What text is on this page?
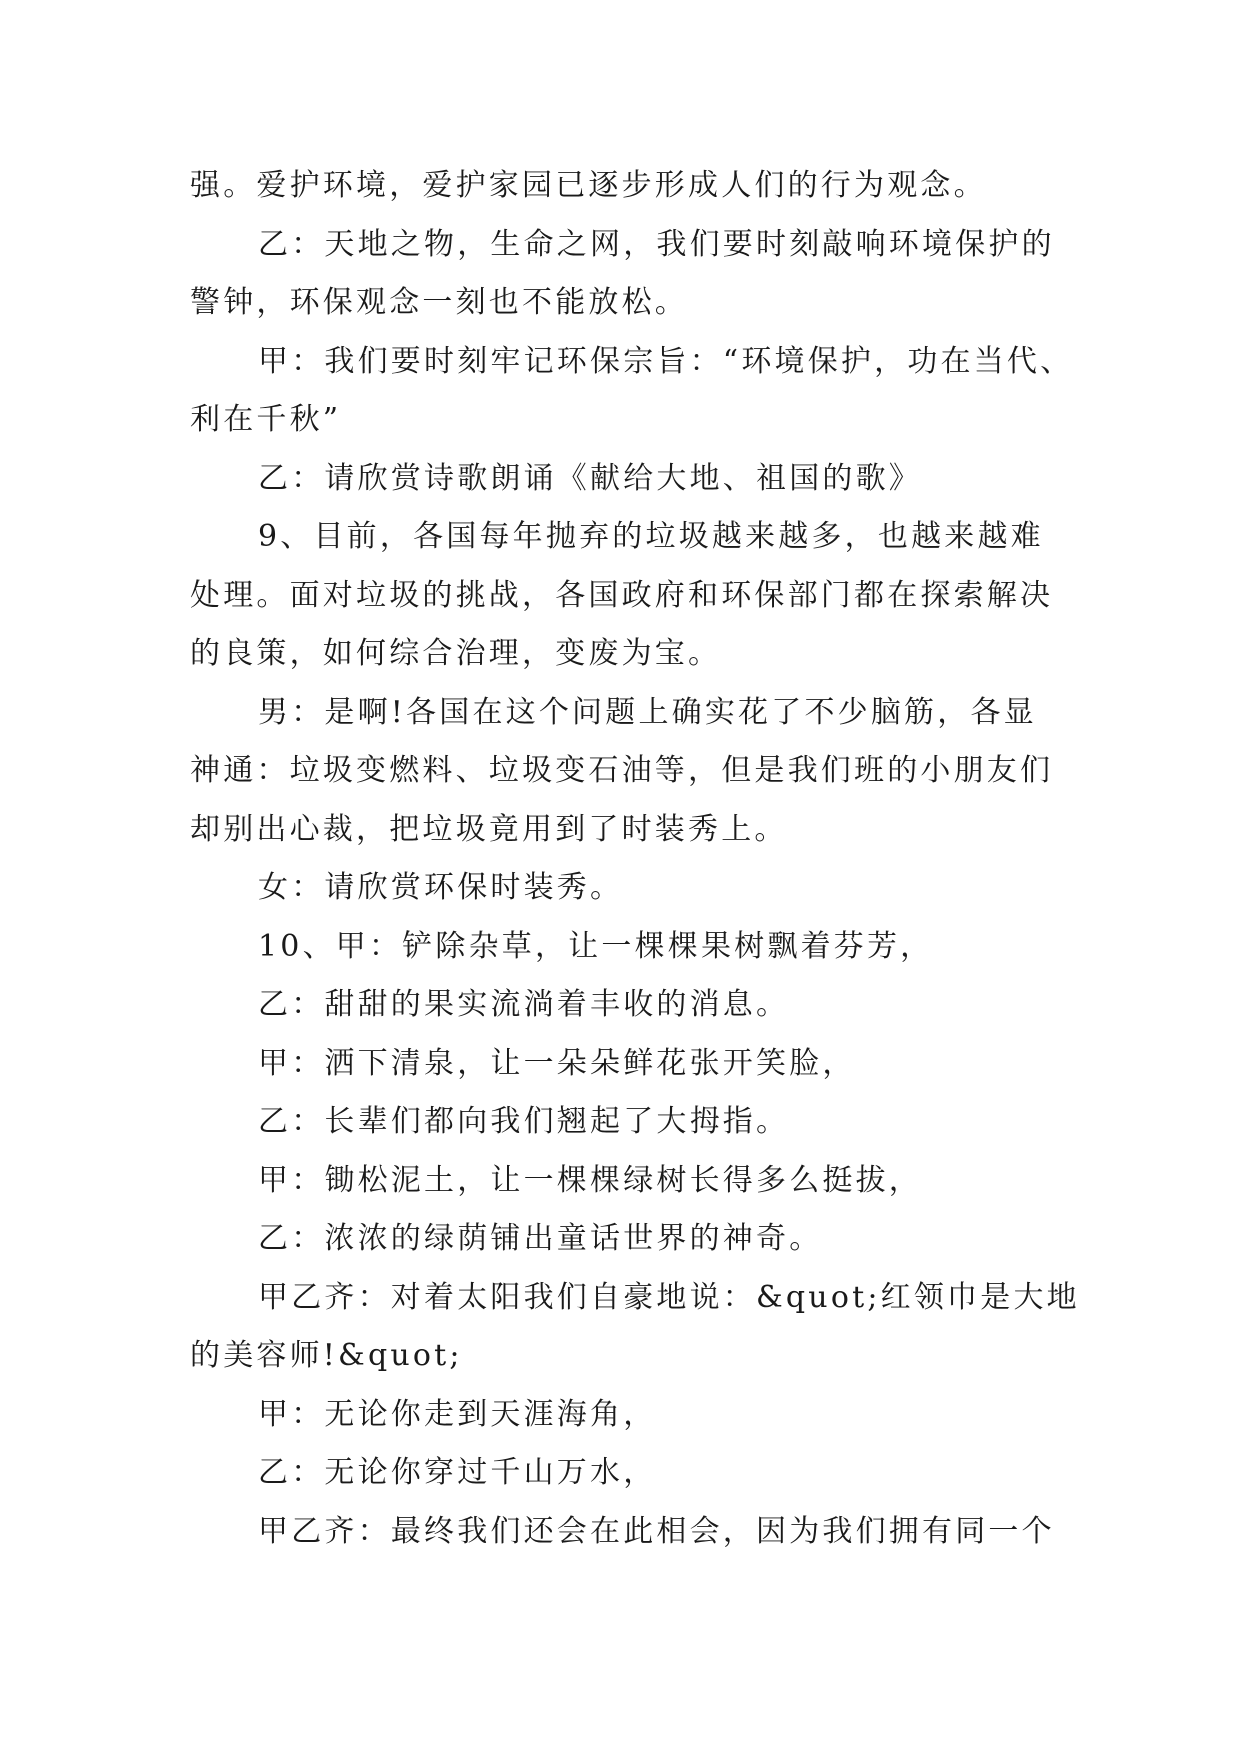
强。爱护环境，爱护家园已逐步形成人们的行为观念。
乙：天地之物，生命之网，我们要时刻敲响环境保护的
警钟，环保观念一刻也不能放松。
甲：我们要时刻牢记环保宗旨：“环境保护，功在当代、
利在千秋”
乙：请欣赏诗歌朗诵《献给大地、祖国的歌》
9、目前，各国每年抛弃的垃圾越来越多，也越来越难
处理。面对垃圾的挑战，各国政府和环保部门都在探索解决
的良策，如何综合治理，变废为宝。
男：是啊!各国在这个问题上确实花了不少脑筋，各显
神通：垃圾变燃料、垃圾变石油等，但是我们班的小朋友们
却别出心裁，把垃圾竟用到了时装秀上。
女：请欣赏环保时装秀。
10、甲：铲除杂草，让一棵棵果树飘着芬芳，
乙：甜甜的果实流淌着丰收的消息。
甲：洒下清泉，让一朵朵鲜花张开笑脸，
乙：长辈们都向我们翘起了大拇指。
甲：锄松泥土，让一棵棵绿树长得多么挺拔，
乙：浓浓的绿荫铺出童话世界的神奇。
甲乙齐：对着太阳我们自豪地说：&quot;红领巾是大地
的美容师!&quot;
甲：无论你走到天涯海角，
乙：无论你穿过千山万水，
甲乙齐：最终我们还会在此相会，因为我们拥有同一个
